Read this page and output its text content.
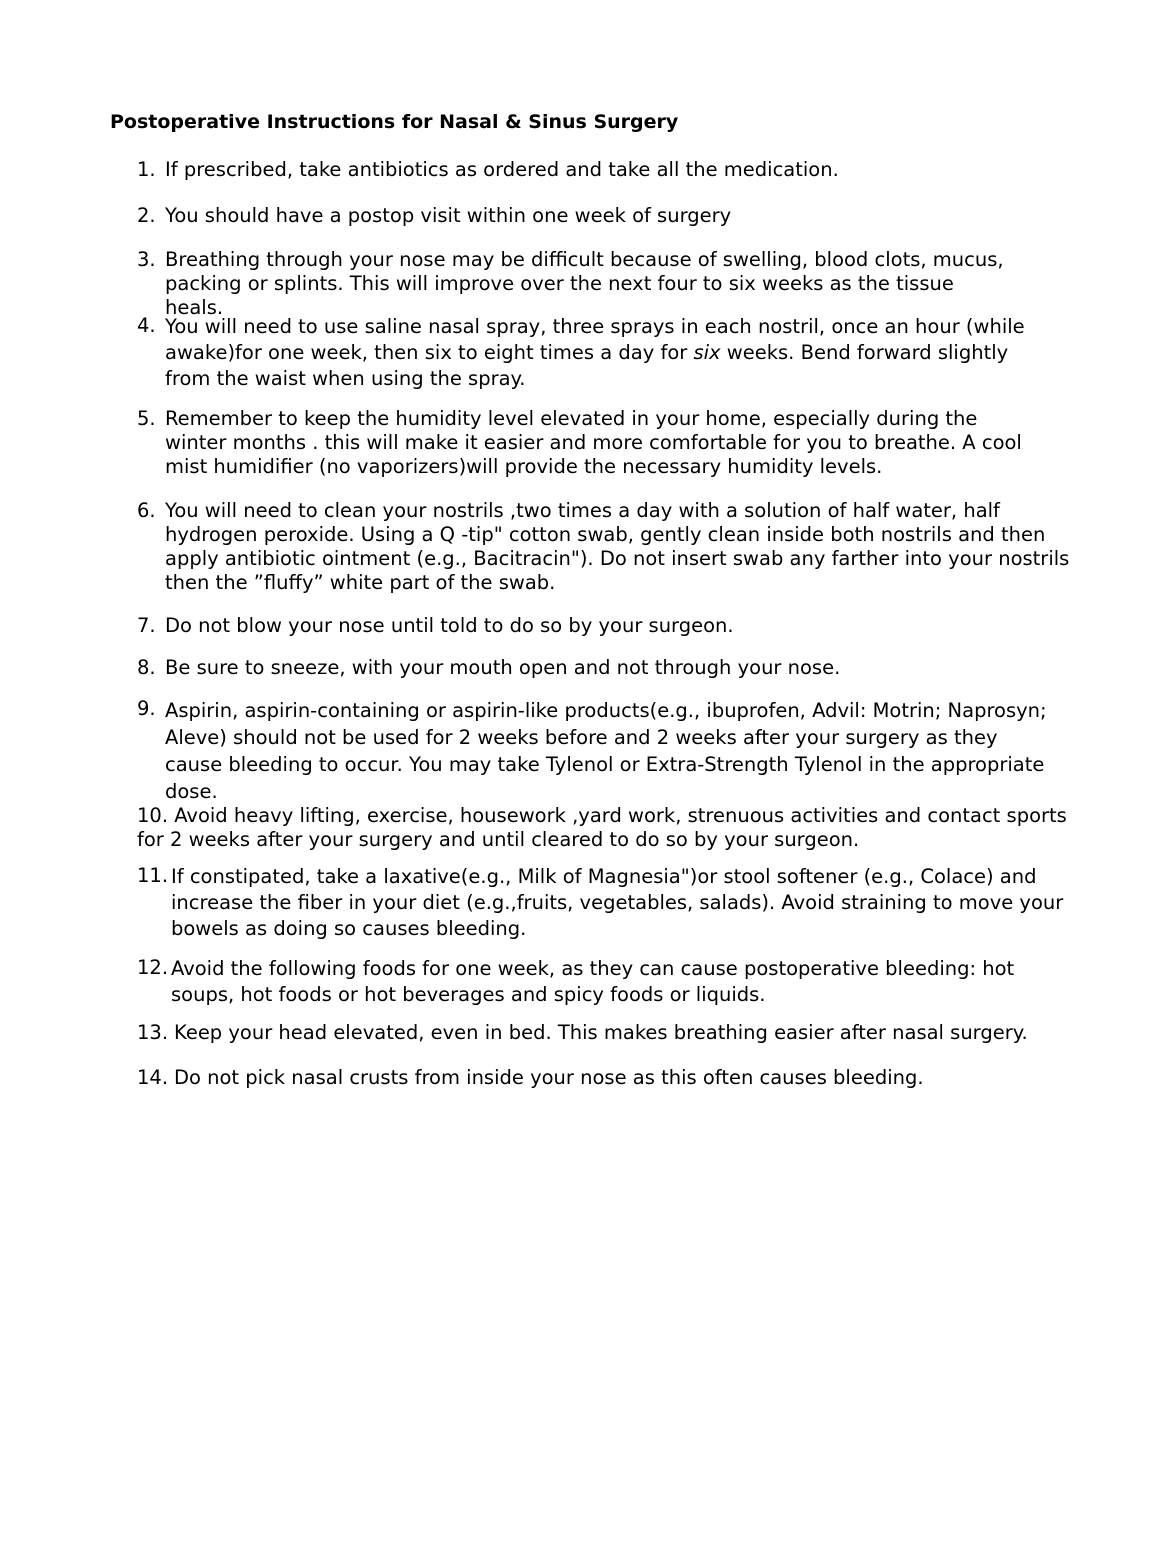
Postoperative Instructions for Nasal & Sinus Surgery
1. If prescribed, take antibiotics as ordered and take all the medication.
2. You should have a postop visit within one week of surgery
3. Breathing through your nose may be difficult because of swelling, blood clots, mucus, packing or splints. This will improve over the next four to six weeks as the tissue heals.
4. You will need to use saline nasal spray, three sprays in each nostril, once an hour (while awake)for one week, then six to eight times a day for six weeks. Bend forward slightly from the waist when using the spray.
5. Remember to keep the humidity level elevated in your home, especially during the winter months . this will make it easier and more comfortable for you to breathe. A cool mist humidifier (no vaporizers)will provide the necessary humidity levels.
6. You will need to clean your nostrils ,two times a day with a solution of half water, half hydrogen peroxide. Using a Q -tip" cotton swab, gently clean inside both nostrils and then apply antibiotic ointment (e.g., Bacitracin"). Do not insert swab any farther into your nostrils then the ”fluffy” white part of the swab.
7. Do not blow your nose until told to do so by your surgeon.
8. Be sure to sneeze, with your mouth open and not through your nose.
9. Aspirin, aspirin-containing or aspirin-like products(e.g., ibuprofen, Advil: Motrin; Naprosyn; Aleve) should not be used for 2 weeks before and 2 weeks after your surgery as they cause bleeding to occur. You may take Tylenol or Extra-Strength Tylenol in the appropriate dose.
10. Avoid heavy lifting, exercise, housework ,yard work, strenuous activities and contact sports for 2 weeks after your surgery and until cleared to do so by your surgeon.
11. If constipated, take a laxative(e.g., Milk of Magnesia")or stool softener (e.g., Colace) and increase the fiber in your diet (e.g.,fruits, vegetables, salads). Avoid straining to move your bowels as doing so causes bleeding.
12. Avoid the following foods for one week, as they can cause postoperative bleeding: hot soups, hot foods or hot beverages and spicy foods or liquids.
13. Keep your head elevated, even in bed. This makes breathing easier after nasal surgery.
14. Do not pick nasal crusts from inside your nose as this often causes bleeding.
